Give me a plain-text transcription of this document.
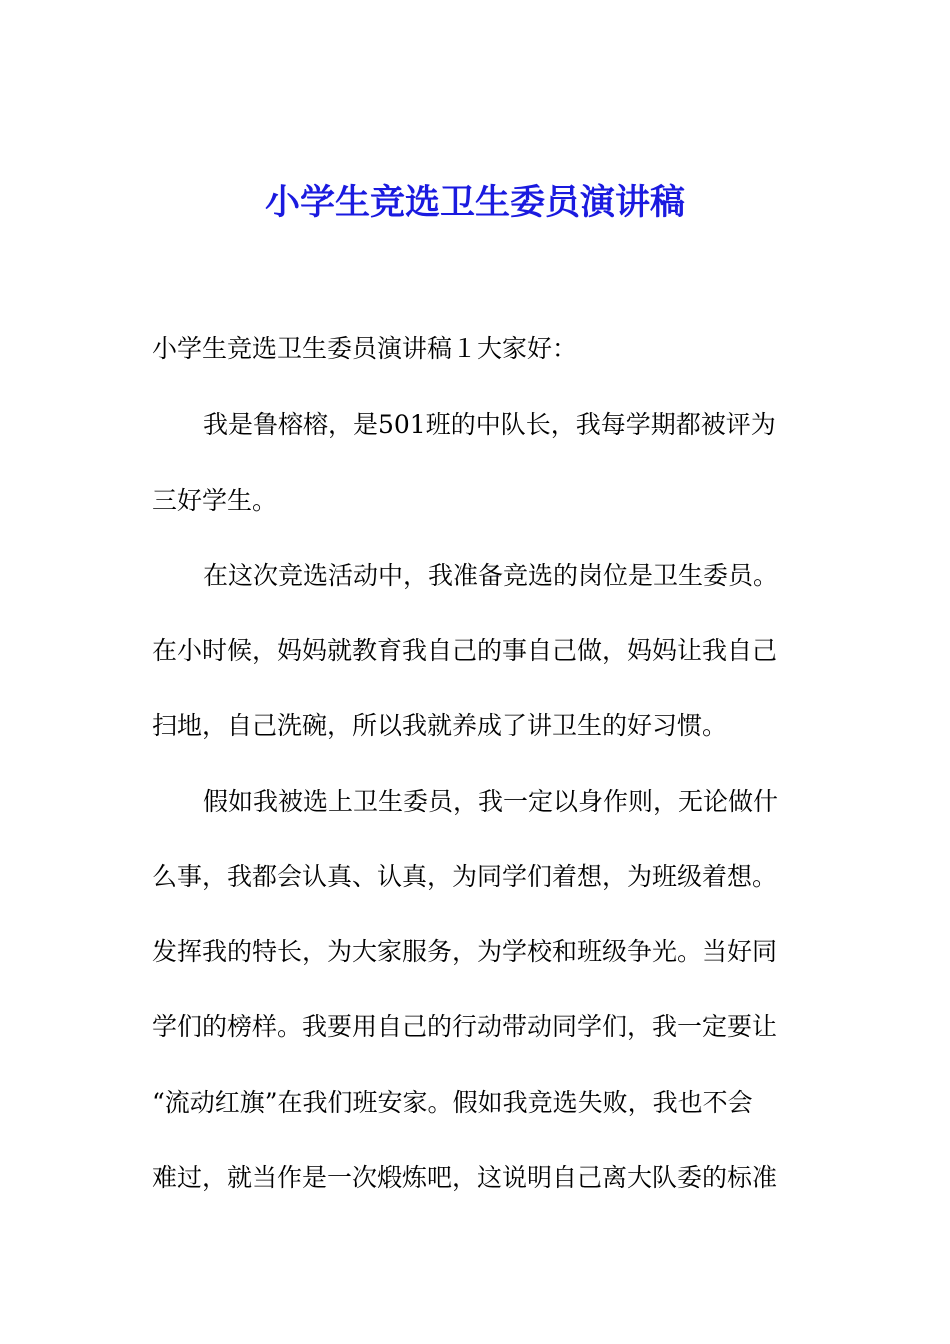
小学生竞选卫生委员演讲稿
小学生竞选卫生委员演讲稿１大家好：
我是鲁榕榕，是501班的中队长，我每学期都被评为
三好学生。
在这次竞选活动中，我准备竞选的岗位是卫生委员。
在小时候，妈妈就教育我自己的事自己做，妈妈让我自己
扫地，自己洗碗，所以我就养成了讲卫生的好习惯。
假如我被选上卫生委员，我一定以身作则，无论做什
么事，我都会认真、认真，为同学们着想，为班级着想。
发挥我的特长，为大家服务，为学校和班级争光。当好同
学们的榜样。我要用自己的行动带动同学们，我一定要让
“流动红旗”在我们班安家。假如我竞选失败，我也不会
难过，就当作是一次煅炼吧，这说明自己离大队委的标准
